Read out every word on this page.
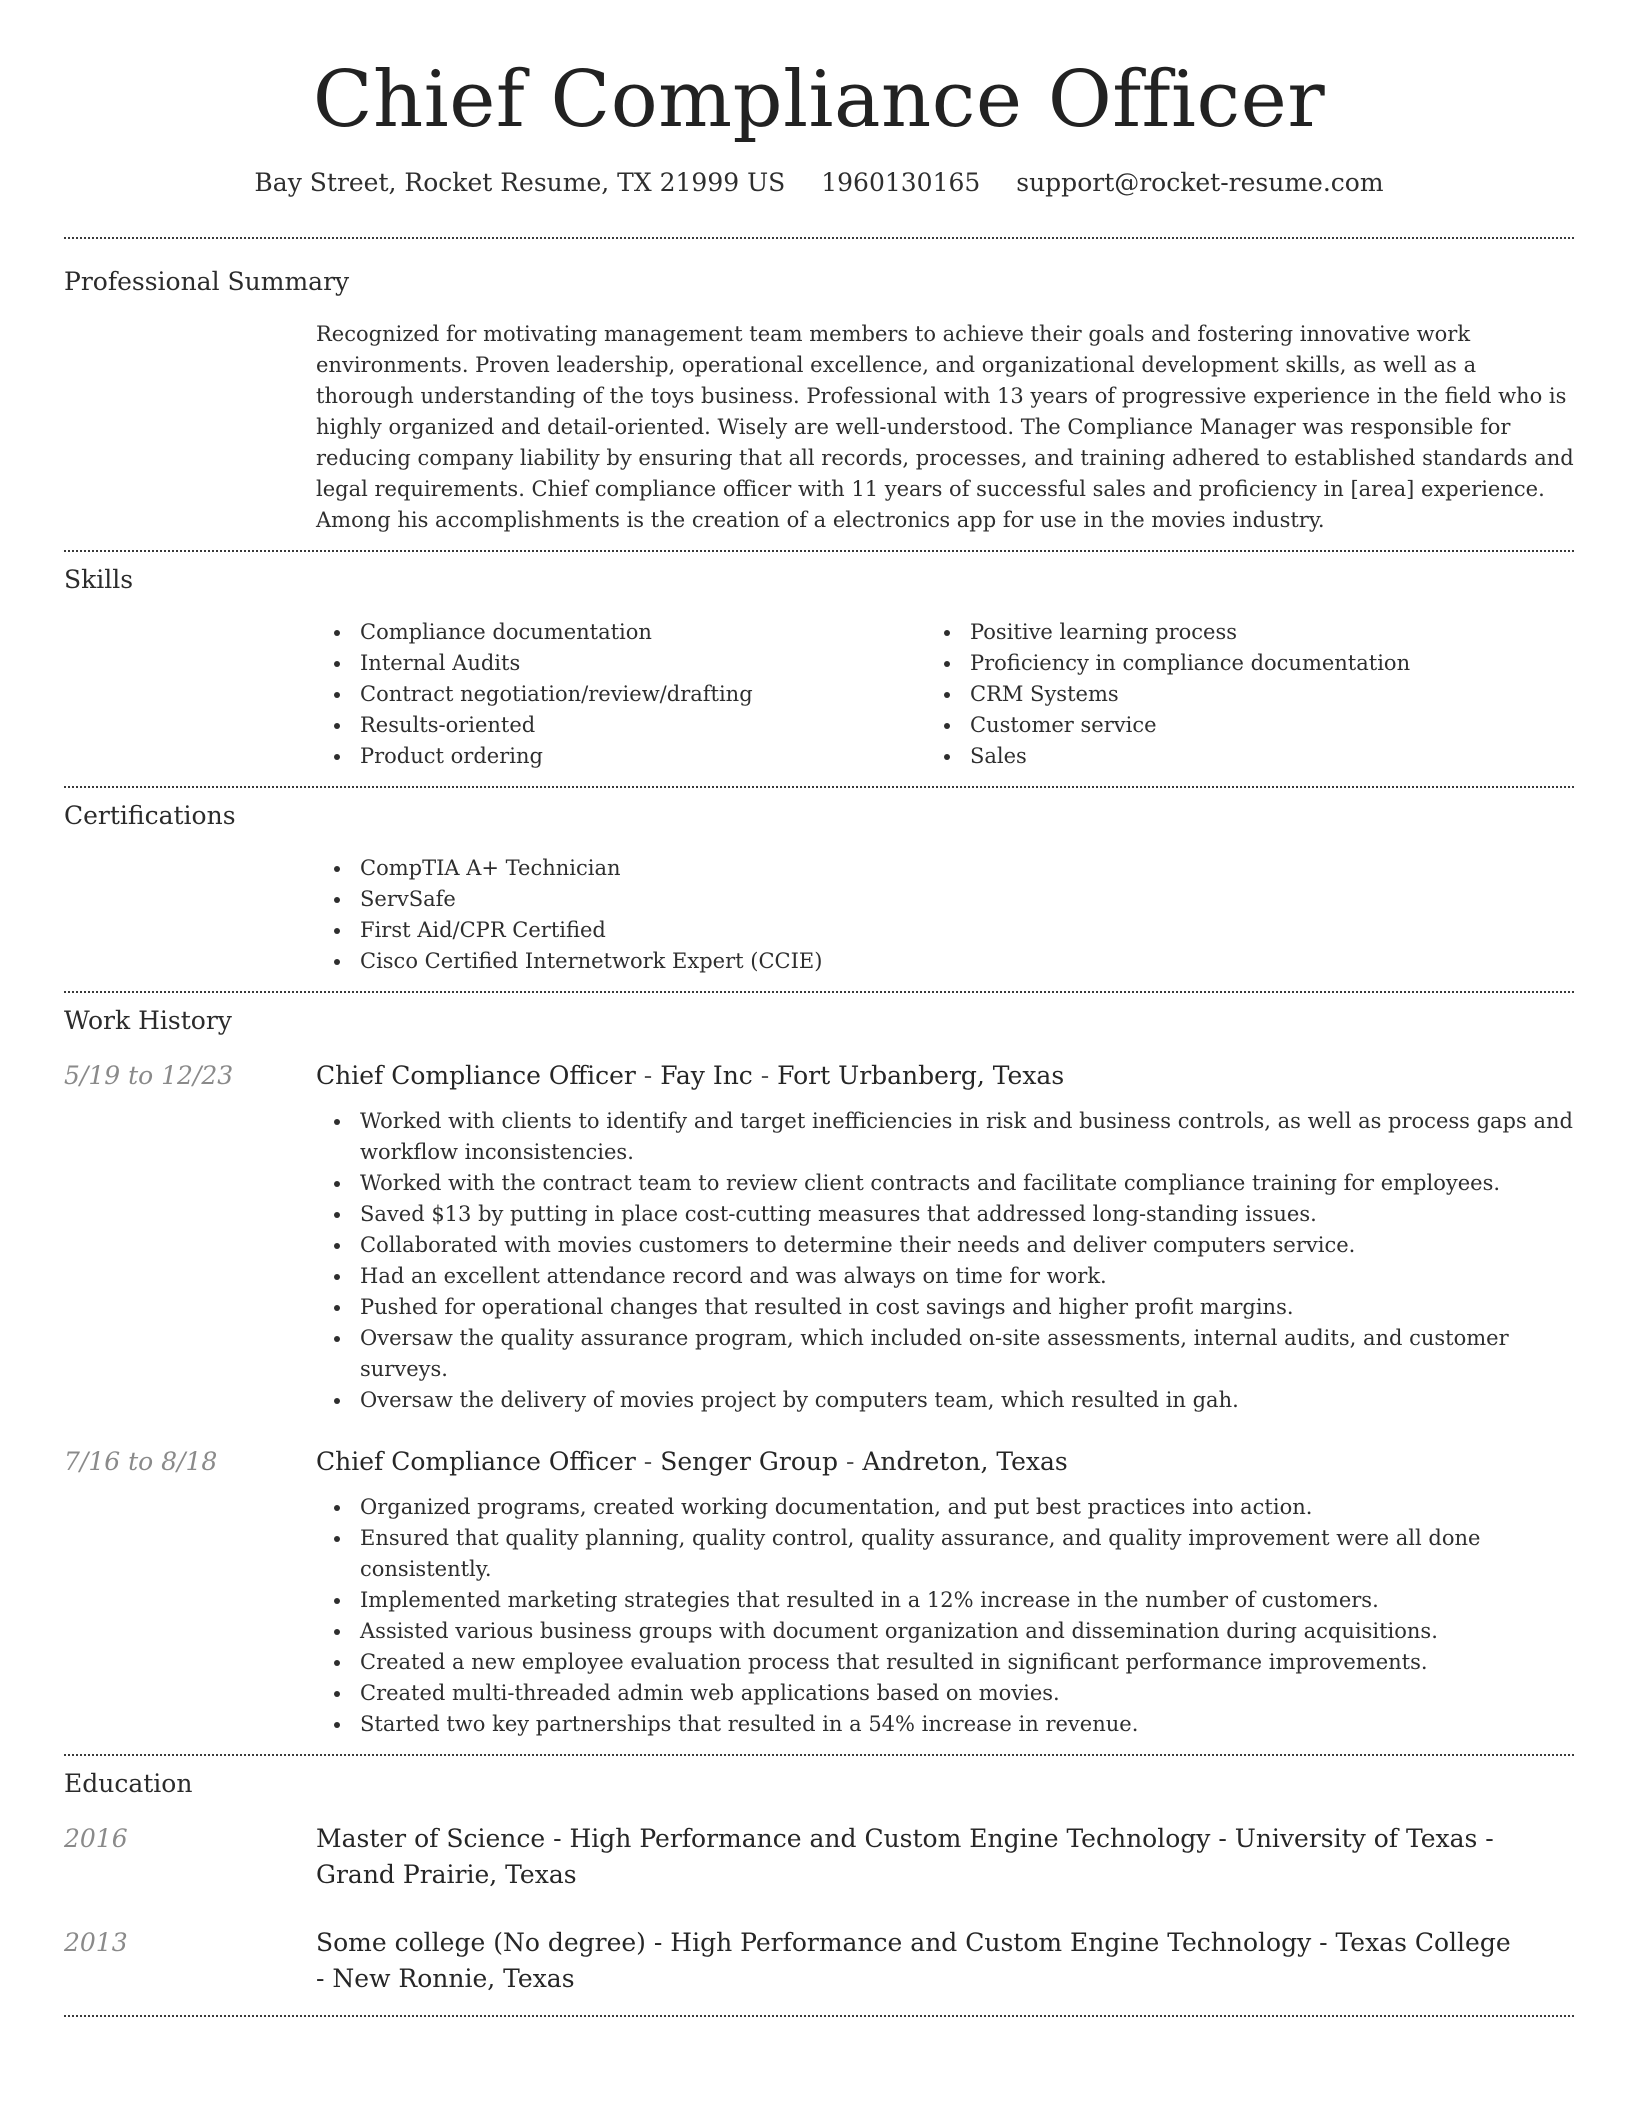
Chief Compliance Officer
Bay Street, Rocket Resume, TX 21999 US 1960130165 support@rocket-resume.com
Professional Summary

Recognized for motivating management team members to achieve their goals and fostering innovative work environments. Proven leadership, operational excellence, and organizational development skills, as well as a thorough understanding of the toys business. Professional with 13 years of progressive experience in the field who is highly organized and detail-oriented. Wisely are well-understood. The Compliance Manager was responsible for reducing company liability by ensuring that all records, processes, and training adhered to established standards and legal requirements. Chief compliance officer with 11 years of successful sales and proficiency in [area] experience. Among his accomplishments is the creation of a electronics app for use in the movies industry.

Skills
Compliance documentation
Internal Audits
Contract negotiation/review/drafting
Results-oriented
Product ordering
Positive learning process
Proficiency in compliance documentation
CRM Systems
Customer service
Sales
Certifications
CompTIA A+ Technician
ServSafe
First Aid/CPR Certified
Cisco Certified Internetwork Expert (CCIE)
Work History
5/19 to 12/23	Chief Compliance Officer - Fay Inc - Fort Urbanberg, Texas
Worked with clients to identify and target inefficiencies in risk and business controls, as well as process gaps and workflow inconsistencies.
Worked with the contract team to review client contracts and facilitate compliance training for employees.
Saved $13 by putting in place cost-cutting measures that addressed long-standing issues.
Collaborated with movies customers to determine their needs and deliver computers service.
Had an excellent attendance record and was always on time for work.
Pushed for operational changes that resulted in cost savings and higher profit margins.
Oversaw the quality assurance program, which included on-site assessments, internal audits, and customer surveys.
Oversaw the delivery of movies project by computers team, which resulted in gah.
7/16 to 8/18	Chief Compliance Officer - Senger Group - Andreton, Texas
Organized programs, created working documentation, and put best practices into action.
Ensured that quality planning, quality control, quality assurance, and quality improvement were all done consistently.
Implemented marketing strategies that resulted in a 12% increase in the number of customers.
Assisted various business groups with document organization and dissemination during acquisitions.
Created a new employee evaluation process that resulted in significant performance improvements.
Created multi-threaded admin web applications based on movies.
Started two key partnerships that resulted in a 54% increase in revenue.
Education
2016	Master of Science - High Performance and Custom Engine Technology - University of Texas - Grand Prairie, Texas
2013	Some college (No degree) - High Performance and Custom Engine Technology - Texas College - New Ronnie, Texas
